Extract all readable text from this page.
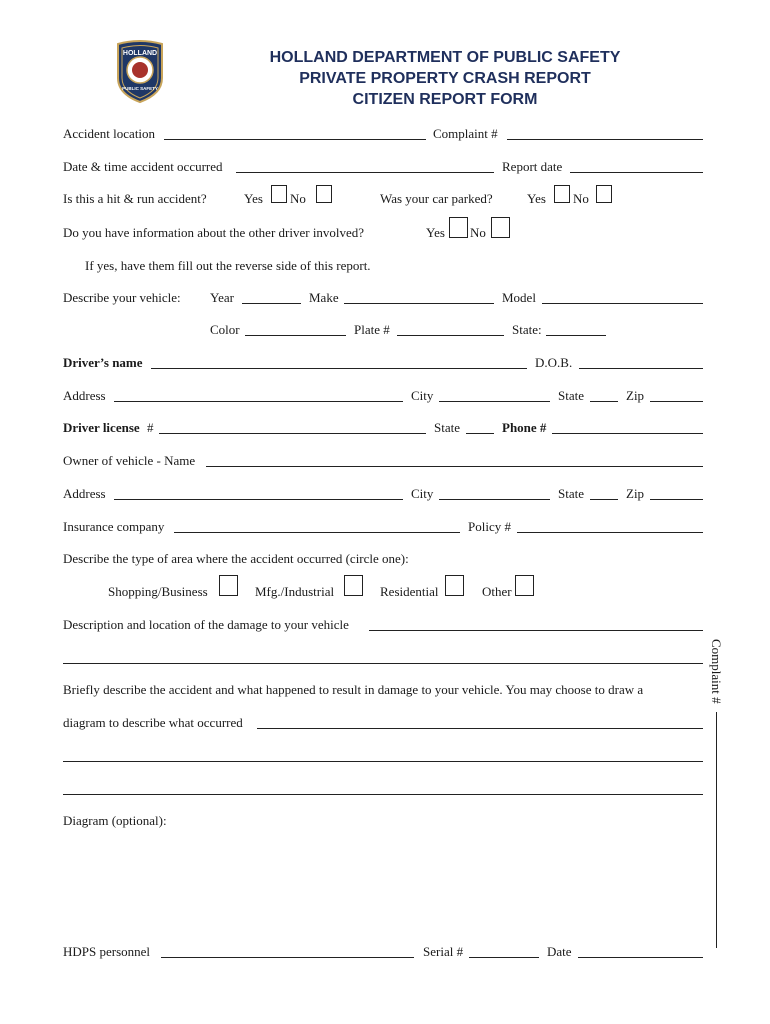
HOLLAND
PUBLIC SAFETY
HOLLAND DEPARTMENT OF PUBLIC SAFETY
PRIVATE PROPERTY CRASH REPORT
CITIZEN REPORT FORM
Accident location	Complaint #
Date & time accident occurred	Report date
Is this a hit & run accident?	Yes No	Was your car parked?	Yes No
Do you have information about the other driver involved?	Yes No
If yes, have them fill out the reverse side of this report.
Describe your vehicle: Year	Make	Model
Color	Plate #	State:
Driver’s name	D.O.B.
Address	City	State	Zip
Driver license #	State	Phone #
Owner of vehicle - Name
Address	City	State	Zip
Insurance company	Policy #
Describe the type of area where the accident occurred (circle one):
Shopping/Business	Mfg./Industrial	Residential	Other
Description and location of the damage to your vehicle
Briefly describe the accident and what happened to result in damage to your vehicle. You may choose to draw a
diagram to describe what occurred
Diagram (optional):
HDPS personnel	Serial #	Date
Complaint #
